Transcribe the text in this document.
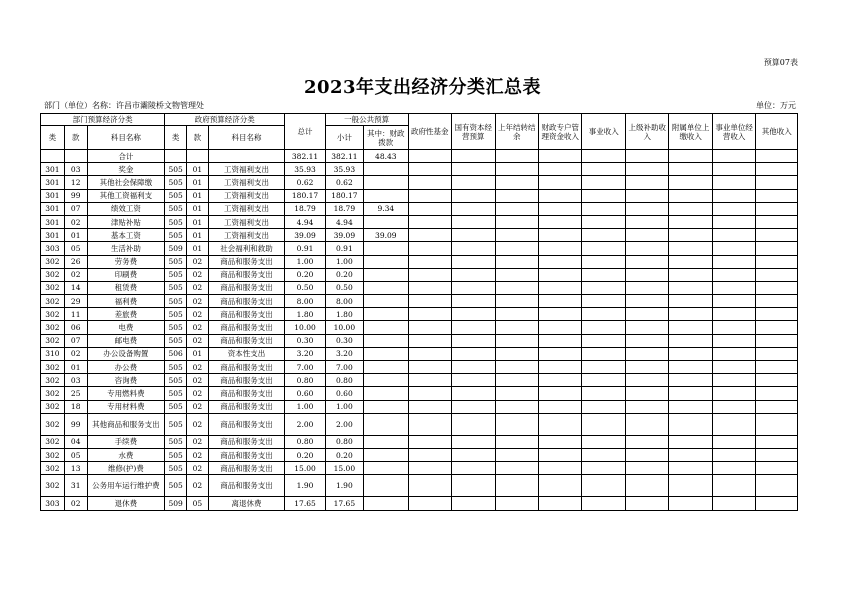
预算07表
2023年支出经济分类汇总表
部门（单位）名称：许昌市灞陵桥文物管理处	单位：万元
部门预算经济分类			政府预算经济分类			总计	一般公共预算		政府性基金	国有资本经营预算	上年结转结余	财政专户管理资金收入	事业收入	上级补助收入	附属单位上缴收入	事业单位经营收入	其他收入
类	款	科目名称	类	款	科目名称		小计	其中：财政拨款									
		合计				382.11	382.11	48.43									
301	03	奖金	505	01	工资福利支出	35.93	35.93										
301	12	其他社会保障缴	505	01	工资福利支出	0.62	0.62										
301	99	其他工资福利支	505	01	工资福利支出	180.17	180.17										
301	07	绩效工资	505	01	工资福利支出	18.79	18.79	9.34									
301	02	津贴补贴	505	01	工资福利支出	4.94	4.94										
301	01	基本工资	505	01	工资福利支出	39.09	39.09	39.09									
303	05	生活补助	509	01	社会福利和救助	0.91	0.91										
302	26	劳务费	505	02	商品和服务支出	1.00	1.00										
302	02	印刷费	505	02	商品和服务支出	0.20	0.20										
302	14	租赁费	505	02	商品和服务支出	0.50	0.50										
302	29	福利费	505	02	商品和服务支出	8.00	8.00										
302	11	差旅费	505	02	商品和服务支出	1.80	1.80										
302	06	电费	505	02	商品和服务支出	10.00	10.00										
302	07	邮电费	505	02	商品和服务支出	0.30	0.30										
310	02	办公设备购置	506	01	资本性支出	3.20	3.20										
302	01	办公费	505	02	商品和服务支出	7.00	7.00										
302	03	咨询费	505	02	商品和服务支出	0.80	0.80										
302	25	专用燃料费	505	02	商品和服务支出	0.60	0.60										
302	18	专用材料费	505	02	商品和服务支出	1.00	1.00										
302	99	其他商品和服务支出	505	02	商品和服务支出	2.00	2.00										
302	04	手续费	505	02	商品和服务支出	0.80	0.80										
302	05	水费	505	02	商品和服务支出	0.20	0.20										
302	13	维修(护)费	505	02	商品和服务支出	15.00	15.00										
302	31	公务用车运行维护费	505	02	商品和服务支出	1.90	1.90										
303	02	退休费	509	05	离退休费	17.65	17.65										
